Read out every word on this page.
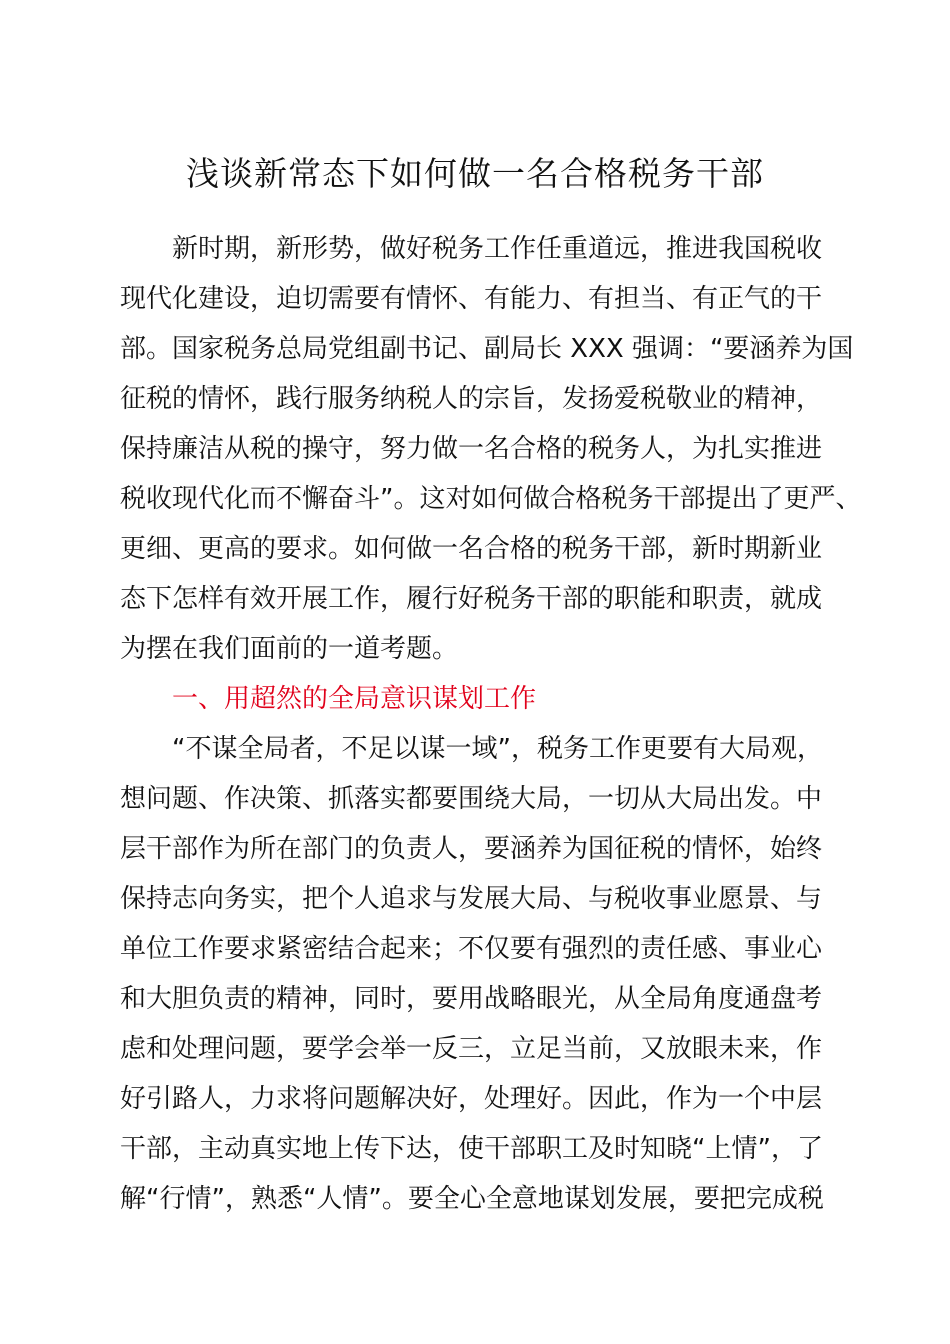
浅谈新常态下如何做一名合格税务干部
新时期，新形势，做好税务工作任重道远，推进我国税收
现代化建设，迫切需要有情怀、有能力、有担当、有正气的干
部。国家税务总局党组副书记、副局长 XXX 强调：“要涵养为国
征税的情怀，践行服务纳税人的宗旨，发扬爱税敬业的精神，
保持廉洁从税的操守，努力做一名合格的税务人，为扎实推进
税收现代化而不懈奋斗”。这对如何做合格税务干部提出了更严、
更细、更高的要求。如何做一名合格的税务干部，新时期新业
态下怎样有效开展工作，履行好税务干部的职能和职责，就成
为摆在我们面前的一道考题。
一、用超然的全局意识谋划工作
“不谋全局者，不足以谋一域”，税务工作更要有大局观，
想问题、作决策、抓落实都要围绕大局，一切从大局出发。中
层干部作为所在部门的负责人，要涵养为国征税的情怀，始终
保持志向务实，把个人追求与发展大局、与税收事业愿景、与
单位工作要求紧密结合起来；不仅要有强烈的责任感、事业心
和大胆负责的精神，同时，要用战略眼光，从全局角度通盘考
虑和处理问题，要学会举一反三，立足当前，又放眼未来，作
好引路人，力求将问题解决好，处理好。因此，作为一个中层
干部，主动真实地上传下达，使干部职工及时知晓“上情”，了
解“行情”，熟悉“人情”。要全心全意地谋划发展，要把完成税
